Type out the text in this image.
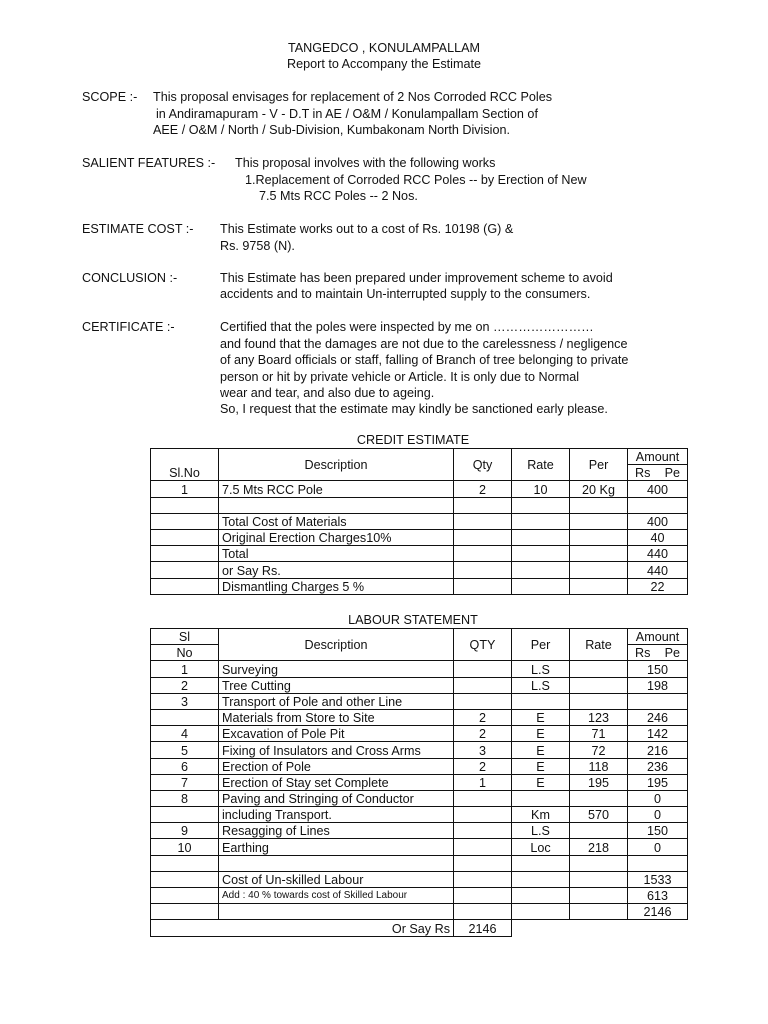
TANGEDCO , KONULAMPALLAM
Report to Accompany the Estimate
SCOPE :- This proposal envisages for replacement of 2 Nos Corroded RCC Poles
in Andiramapuram - V - D.T in AE / O&M / Konulampallam Section of
AEE / O&M / North / Sub-Division, Kumbakonam North Division.
SALIENT FEATURES :- This proposal involves with the following works
1.Replacement of Corroded RCC Poles -- by Erection of New
7.5 Mts RCC Poles -- 2 Nos.
ESTIMATE COST :- This Estimate works out to a cost of Rs. 10198 (G) &
Rs. 9758 (N).
CONCLUSION :-	This Estimate has been prepared under improvement scheme to avoid
accidents and to maintain Un-interrupted supply to the consumers.
CERTIFICATE :-	Certified that the poles were inspected by me on ……………………
and found that the damages are not due to the carelessness / negligence
of any Board officials or staff, falling of Branch of tree belonging to private
person or hit by private vehicle or Article. It is only due to Normal
wear and tear, and also due to ageing.
So, I request that the estimate may kindly be sanctioned early please.
CREDIT ESTIMATE
Sl.No	Description	Qty	Rate	Per	Amount

					Rs Pe

1	7.5 Mts RCC Pole	2	10	20 Kg	400

	Total Cost of Materials				400
	Original Erection Charges10%				40
	Total				440
	or Say Rs.				440
	Dismantling Charges 5 %				22
LABOUR STATEMENT
Sl	Description	QTY	Per	Rate	Amount
No					Rs Pe

1	Surveying		L.S		150
2	Tree Cutting		L.S		198
3	Transport of Pole and other Line				
	Materials from Store to Site	2	E	123	246
4	Excavation of Pole Pit	2	E	71	142
5	Fixing of Insulators and Cross Arms	3	E	72	216
6	Erection of Pole	2	E	118	236
7	Erection of Stay set Complete	1	E	195	195
8	Paving and Stringing of Conductor				0
	including Transport.		Km	570	0
9	Resagging of Lines		L.S		150
10	Earthing		Loc	218	0

	Cost of Un-skilled Labour				1533
	Add : 40 % towards cost of Skilled Labour				613
					2146
Or Say Rs		2146			
